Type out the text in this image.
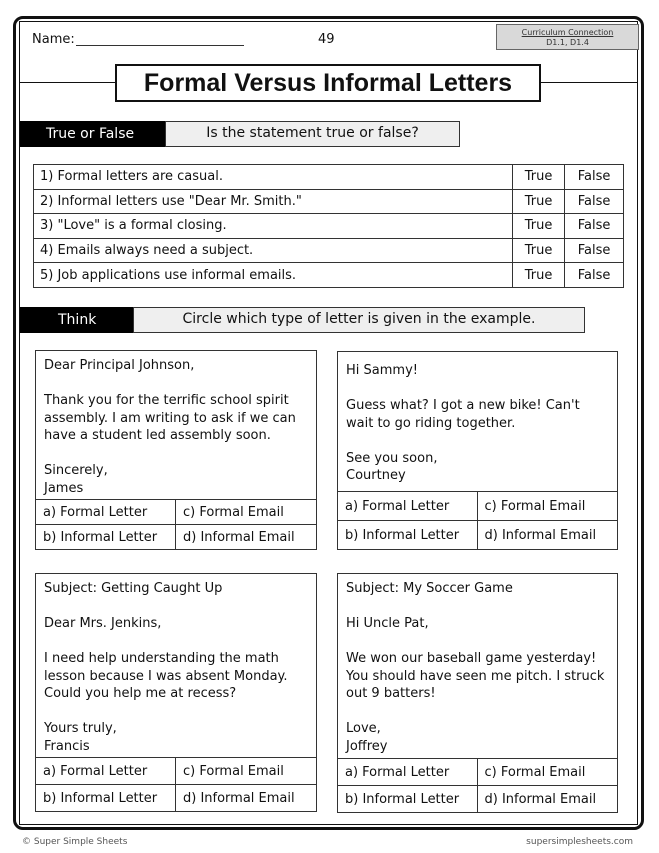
Name:	49	Curriculum Connection
D1.1, D1.4
Formal Versus Informal Letters
True or False	Is the statement true or false?
1) Formal letters are casual.	True	False
2) Informal letters use "Dear Mr. Smith."	True	False
3) "Love" is a formal closing.	True	False
4) Emails always need a subject.	True	False
5) Job applications use informal emails.	True	False
Think	Circle which type of letter is given in the example.
Dear Principal Johnson,

Thank you for the terrific school spirit assembly. I am writing to ask if we can have a student led assembly soon.

Sincerely,
James
a) Formal Letter	c) Formal Email
b) Informal Letter	d) Informal Email
Hi Sammy!

Guess what? I got a new bike! Can't wait to go riding together.

See you soon,
Courtney
a) Formal Letter	c) Formal Email
b) Informal Letter	d) Informal Email
Subject: Getting Caught Up

Dear Mrs. Jenkins,

I need help understanding the math lesson because I was absent Monday. Could you help me at recess?

Yours truly,
Francis
a) Formal Letter	c) Formal Email
b) Informal Letter	d) Informal Email
Subject: My Soccer Game

Hi Uncle Pat,

We won our baseball game yesterday! You should have seen me pitch. I struck out 9 batters!

Love,
Joffrey
a) Formal Letter	c) Formal Email
b) Informal Letter	d) Informal Email
© Super Simple Sheets	supersimplesheets.com
